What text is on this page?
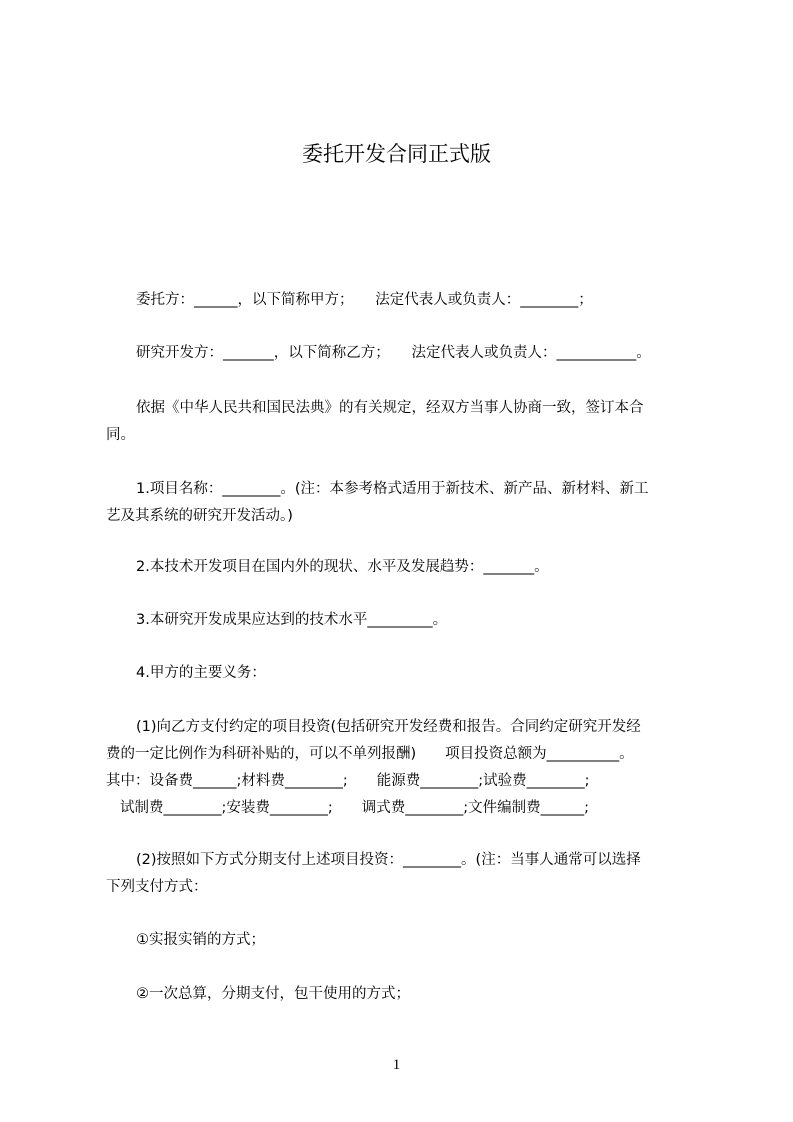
委托开发合同正式版
委托方：______，以下简称甲方；　　法定代表人或负责人：________；
研究开发方：_______，以下简称乙方；　　法定代表人或负责人：___________。
依据《中华人民共和国民法典》的有关规定，经双方当事人协商一致，签订本合
同。
1.项目名称：________。(注：本参考格式适用于新技术、新产品、新材料、新工
艺及其系统的研究开发活动。)
2.本技术开发项目在国内外的现状、水平及发展趋势：_______。
3.本研究开发成果应达到的技术水平_________。
4.甲方的主要义务：
(1)向乙方支付约定的项目投资(包括研究开发经费和报告。合同约定研究开发经
费的一定比例作为科研补贴的，可以不单列报酬)　　项目投资总额为__________。
其中：设备费______;材料费________;　　能源费________;试验费________;
试制费________;安装费________;　　调式费________;文件编制费______;
(2)按照如下方式分期支付上述项目投资：________。(注：当事人通常可以选择
下列支付方式：
①实报实销的方式；
②一次总算，分期支付，包干使用的方式；
1
